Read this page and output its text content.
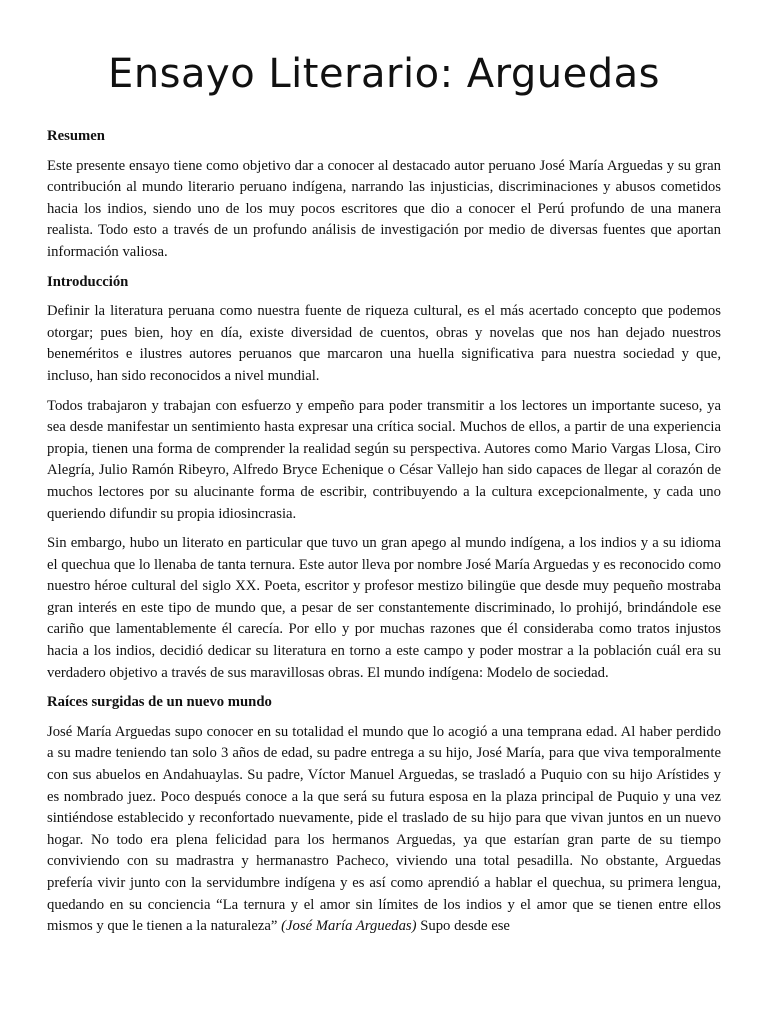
Ensayo Literario: Arguedas
Resumen

Este presente ensayo tiene como objetivo dar a conocer al destacado autor peruano José María Arguedas y su gran contribución al mundo literario peruano indígena, narrando las injusticias, discriminaciones y abusos cometidos hacia los indios, siendo uno de los muy pocos escritores que dio a conocer el Perú profundo de una manera realista. Todo esto a través de un profundo análisis de investigación por medio de diversas fuentes que aportan información valiosa.

Introducción

Definir la literatura peruana como nuestra fuente de riqueza cultural, es el más acertado concepto que podemos otorgar; pues bien, hoy en día, existe diversidad de cuentos, obras y novelas que nos han dejado nuestros beneméritos e ilustres autores peruanos que marcaron una huella significativa para nuestra sociedad y que, incluso, han sido reconocidos a nivel mundial.

Todos trabajaron y trabajan con esfuerzo y empeño para poder transmitir a los lectores un importante suceso, ya sea desde manifestar un sentimiento hasta expresar una crítica social. Muchos de ellos, a partir de una experiencia propia, tienen una forma de comprender la realidad según su perspectiva. Autores como Mario Vargas Llosa, Ciro Alegría, Julio Ramón Ribeyro, Alfredo Bryce Echenique o César Vallejo han sido capaces de llegar al corazón de muchos lectores por su alucinante forma de escribir, contribuyendo a la cultura excepcionalmente, y cada uno queriendo difundir su propia idiosincrasia.

Sin embargo, hubo un literato en particular que tuvo un gran apego al mundo indígena, a los indios y a su idioma el quechua que lo llenaba de tanta ternura. Este autor lleva por nombre José María Arguedas y es reconocido como nuestro héroe cultural del siglo XX. Poeta, escritor y profesor mestizo bilingüe que desde muy pequeño mostraba gran interés en este tipo de mundo que, a pesar de ser constantemente discriminado, lo prohijó, brindándole ese cariño que lamentablemente él carecía. Por ello y por muchas razones que él consideraba como tratos injustos hacia a los indios, decidió dedicar su literatura en torno a este campo y poder mostrar a la población cuál era su verdadero objetivo a través de sus maravillosas obras. El mundo indígena: Modelo de sociedad.

Raíces surgidas de un nuevo mundo

José María Arguedas supo conocer en su totalidad el mundo que lo acogió a una temprana edad. Al haber perdido a su madre teniendo tan solo 3 años de edad, su padre entrega a su hijo, José María, para que viva temporalmente con sus abuelos en Andahuaylas. Su padre, Víctor Manuel Arguedas, se trasladó a Puquio con su hijo Arístides y es nombrado juez. Poco después conoce a la que será su futura esposa en la plaza principal de Puquio y una vez sintiéndose establecido y reconfortado nuevamente, pide el traslado de su hijo para que vivan juntos en un nuevo hogar. No todo era plena felicidad para los hermanos Arguedas, ya que estarían gran parte de su tiempo conviviendo con su madrastra y hermanastro Pacheco, viviendo una total pesadilla. No obstante, Arguedas prefería vivir junto con la servidumbre indígena y es así como aprendió a hablar el quechua, su primera lengua, quedando en su conciencia “La ternura y el amor sin límites de los indios y el amor que se tienen entre ellos mismos y que le tienen a la naturaleza” (José María Arguedas) Supo desde ese
